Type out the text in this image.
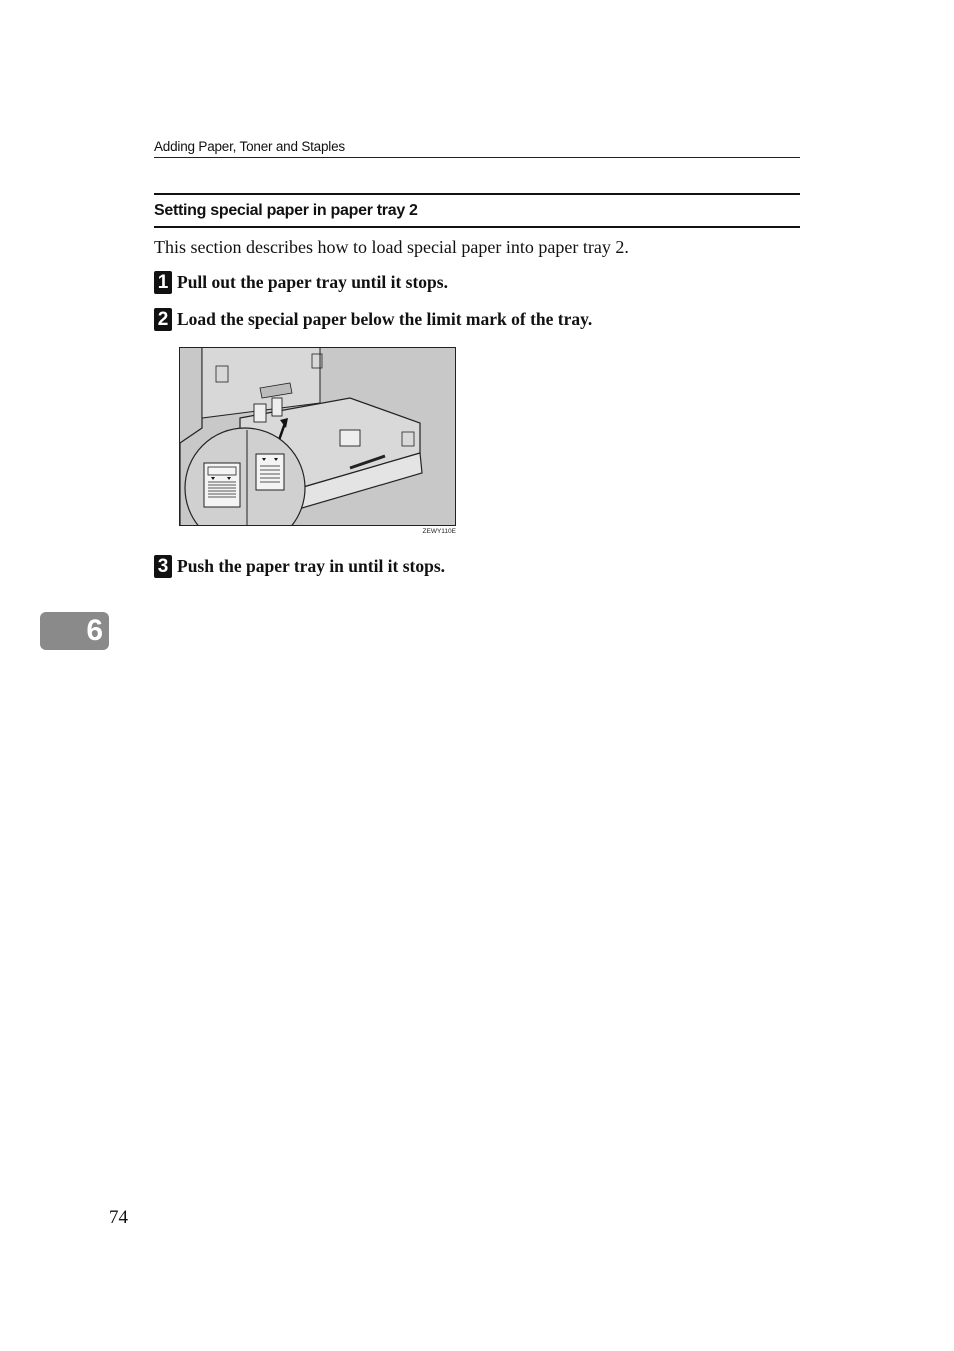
Adding Paper, Toner and Staples
Setting special paper in paper tray 2
This section describes how to load special paper into paper tray 2.
1 Pull out the paper tray until it stops.
2 Load the special paper below the limit mark of the tray.
ZEWY110E
3 Push the paper tray in until it stops.
6
74
